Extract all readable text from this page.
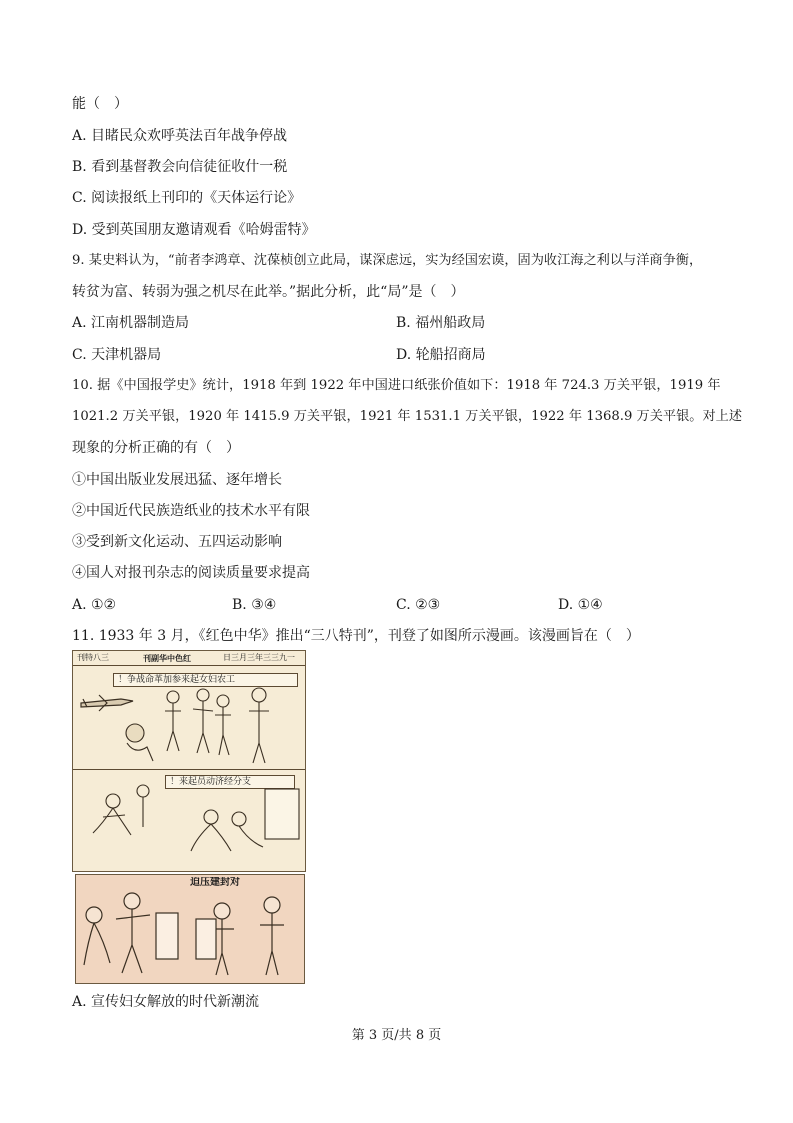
能（　）
A. 目睹民众欢呼英法百年战争停战
B. 看到基督教会向信徒征收什一税
C. 阅读报纸上刊印的《天体运行论》
D. 受到英国朋友邀请观看《哈姆雷特》
9. 某史料认为，“前者李鸿章、沈葆桢创立此局，谋深虑远，实为经国宏谟，固为收江海之利以与洋商争衡，
转贫为富、转弱为强之机尽在此举。”据此分析，此“局”是（　）
A. 江南机器制造局	B. 福州船政局
C. 天津机器局	D. 轮船招商局
10. 据《中国报学史》统计，1918 年到 1922 年中国进口纸张价值如下：1918 年 724.3 万关平银，1919 年
1021.2 万关平银，1920 年 1415.9 万关平银，1921 年 1531.1 万关平银，1922 年 1368.9 万关平银。对上述
现象的分析正确的有（　）
①中国出版业发展迅猛、逐年增长
②中国近代民族造纸业的技术水平有限
③受到新文化运动、五四运动影响
④国人对报刊杂志的阅读质量要求提高
A. ①②	B. ③④	C. ②③	D. ①④
11. 1933 年 3 月，《红色中华》推出“三八特刊”，刊登了如图所示漫画。该漫画旨在（　）
刊特八三	刊副华中色红	日三月三年三三九一
！争战命革加参来起女妇农工
！来起员动济经分支
迫压建封对
A. 宣传妇女解放的时代新潮流
第 3 页/共 8 页
